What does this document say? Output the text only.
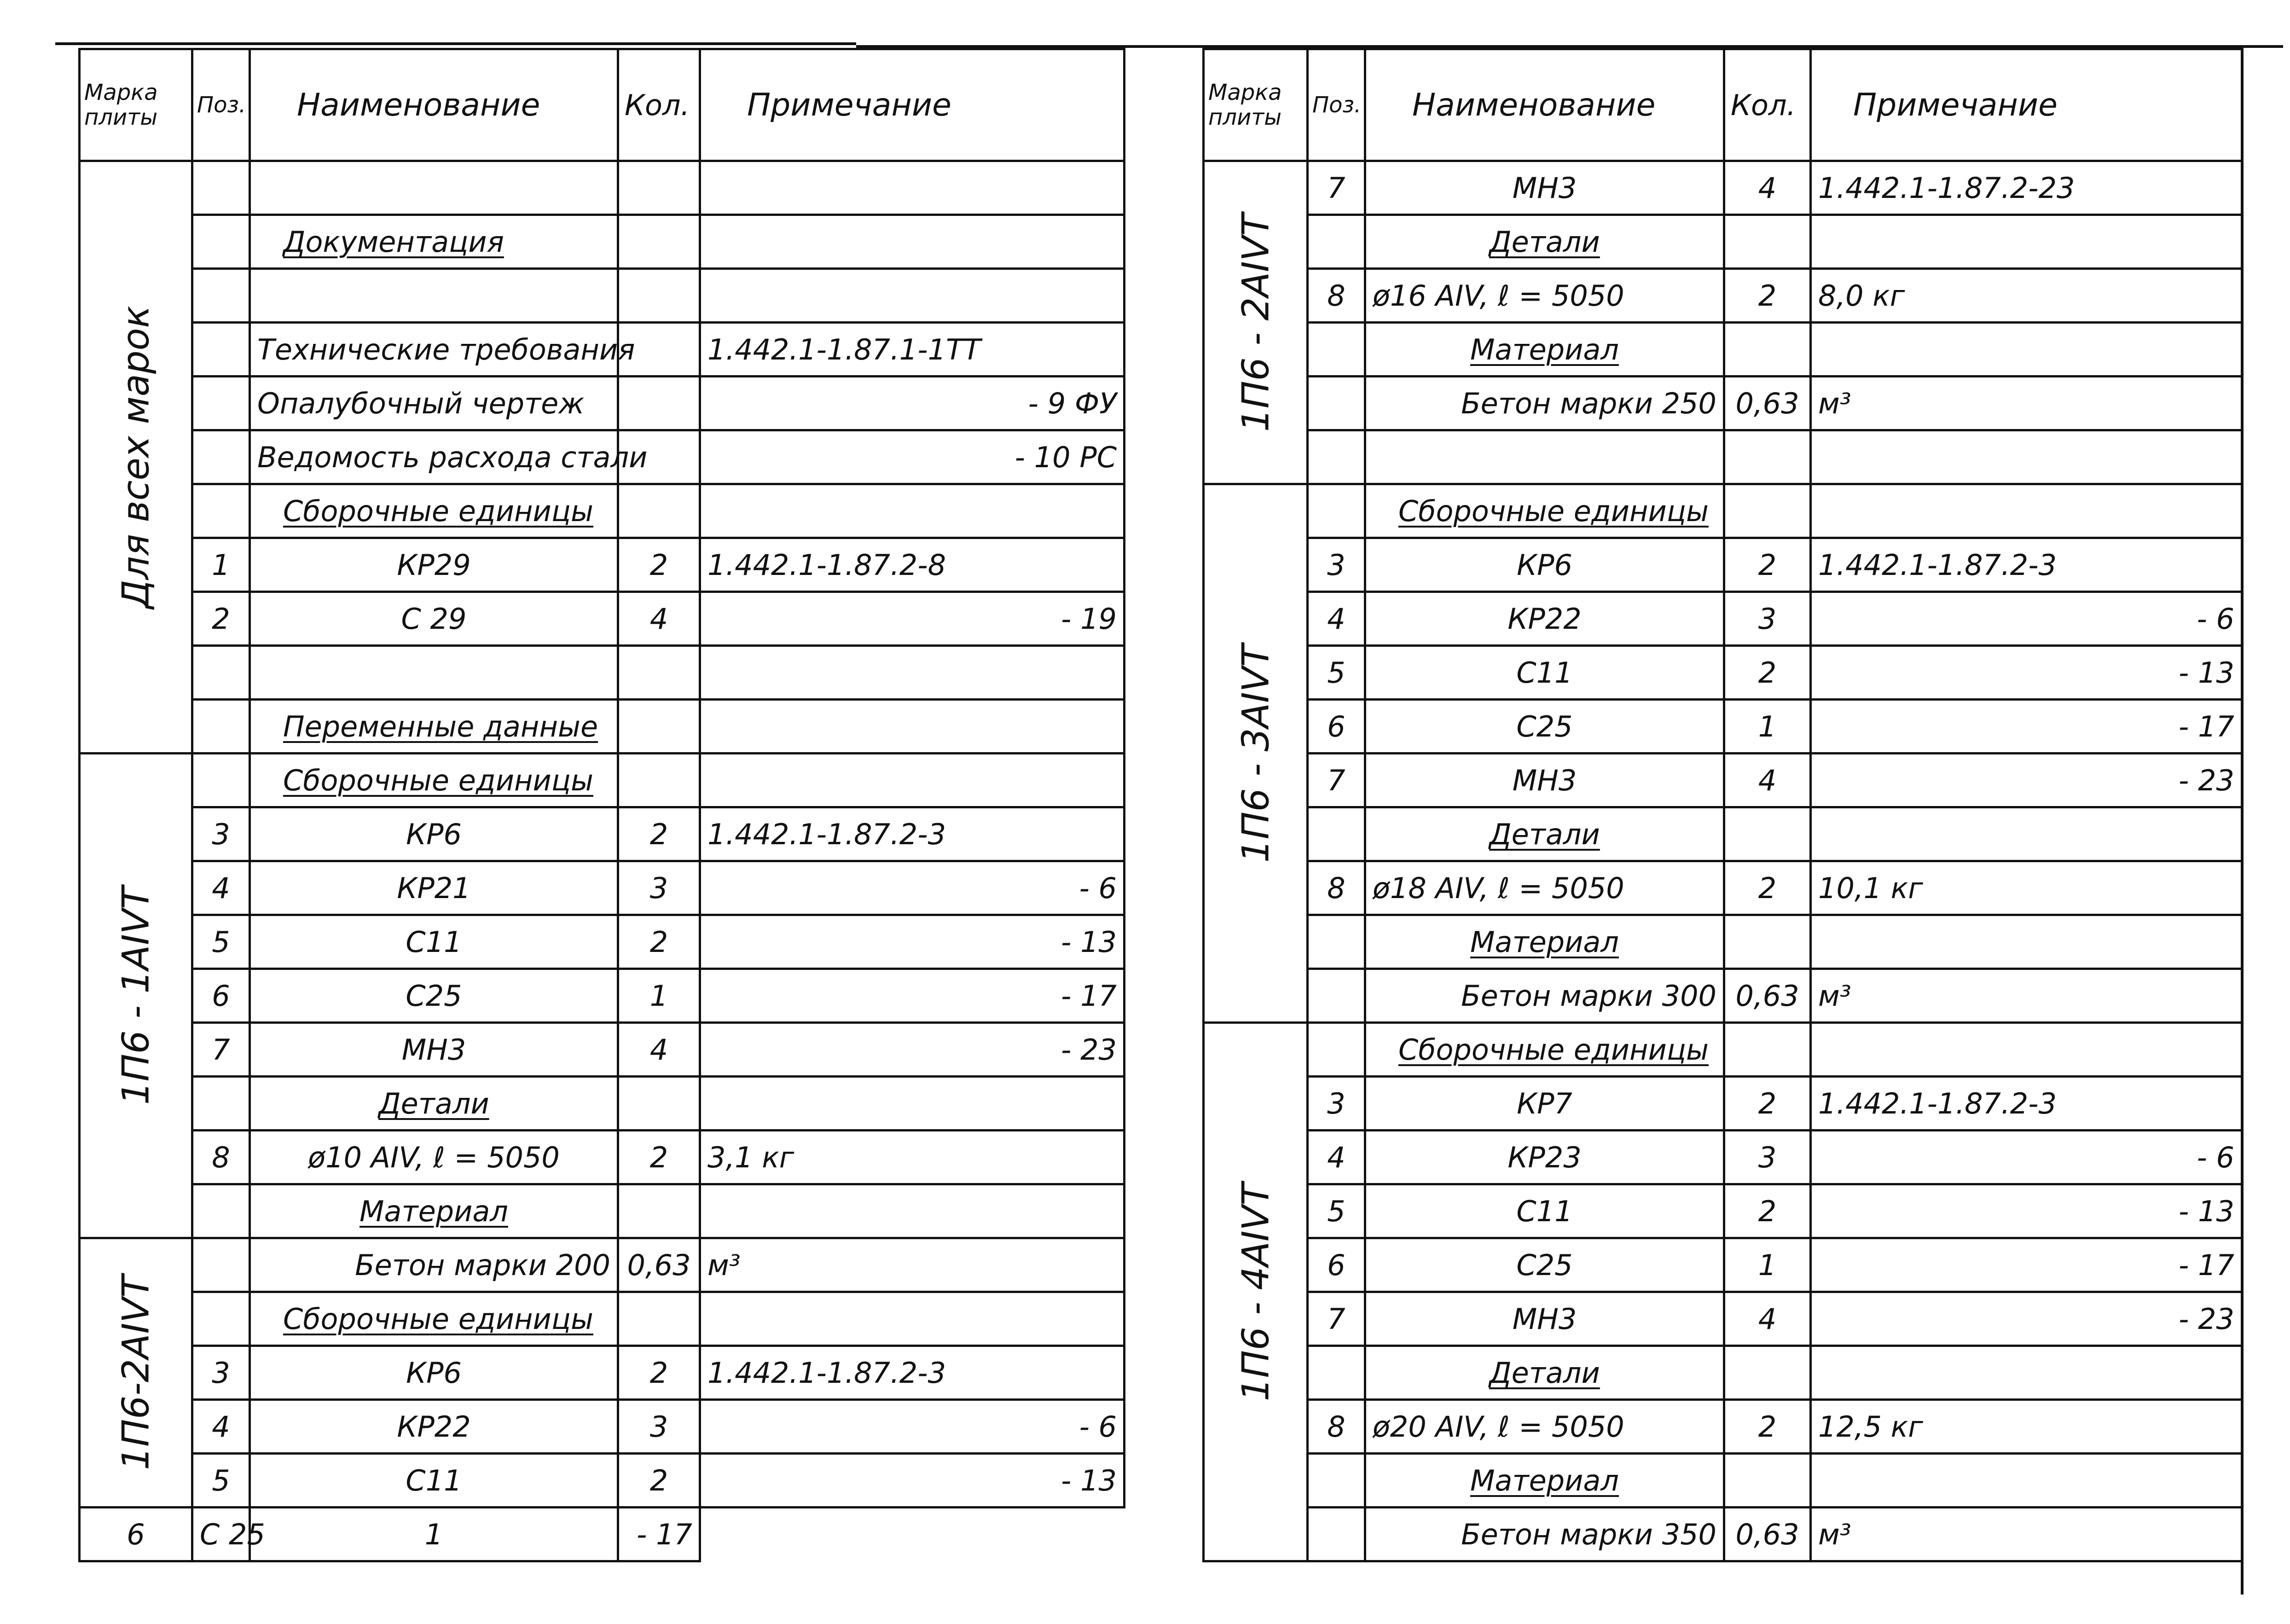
Марка
плиты	Поз.	Наименование	Кол.	Примечание

Для всех марок				

		Документация		

		Технические требования		1.442.1-1.87.1-1ТТ
		Опалубочный чертеж		- 9 ФУ
		Ведомость расхода стали		- 10 РС
		Сборочные единицы		
	1	КР29	2	1.442.1-1.87.2-8
	2	С 29	4	- 19

		Переменные данные		

1П6 - 1АIVТ		Сборочные единицы		
	3	КР6	2	1.442.1-1.87.2-3
	4	КР21	3	- 6
	5	С11	2	- 13
	6	С25	1	- 17
	7	МН3	4	- 23
		Детали		
	8	ø10 АIV, ℓ = 5050	2	3,1 кг
		Материал		

1П6-2АIVТ		Бетон марки 200	0,63	м³
		Сборочные единицы		
	3	КР6	2	1.442.1-1.87.2-3
	4	КР22	3	- 6
	5	С11	2	- 13
6	С 25	1	- 17	
Марка
плиты	Поз.	Наименование	Кол.	Примечание

1П6 - 2АIVТ	7	МН3	4	1.442.1-1.87.2-23
		Детали		
	8	ø16 АIV, ℓ = 5050	2	8,0 кг
		Материал		
		Бетон марки 250	0,63	м³

1П6 - 3АIVТ		Сборочные единицы		
	3	КР6	2	1.442.1-1.87.2-3
	4	КР22	3	- 6
	5	С11	2	- 13
	6	С25	1	- 17
	7	МН3	4	- 23
		Детали		
	8	ø18 АIV, ℓ = 5050	2	10,1 кг
		Материал		
		Бетон марки 300	0,63	м³

1П6 - 4АIVТ		Сборочные единицы		
	3	КР7	2	1.442.1-1.87.2-3
	4	КР23	3	- 6
	5	С11	2	- 13
	6	С25	1	- 17
	7	МН3	4	- 23
		Детали		
	8	ø20 АIV, ℓ = 5050	2	12,5 кг
		Материал		
		Бетон марки 350	0,63	м³
